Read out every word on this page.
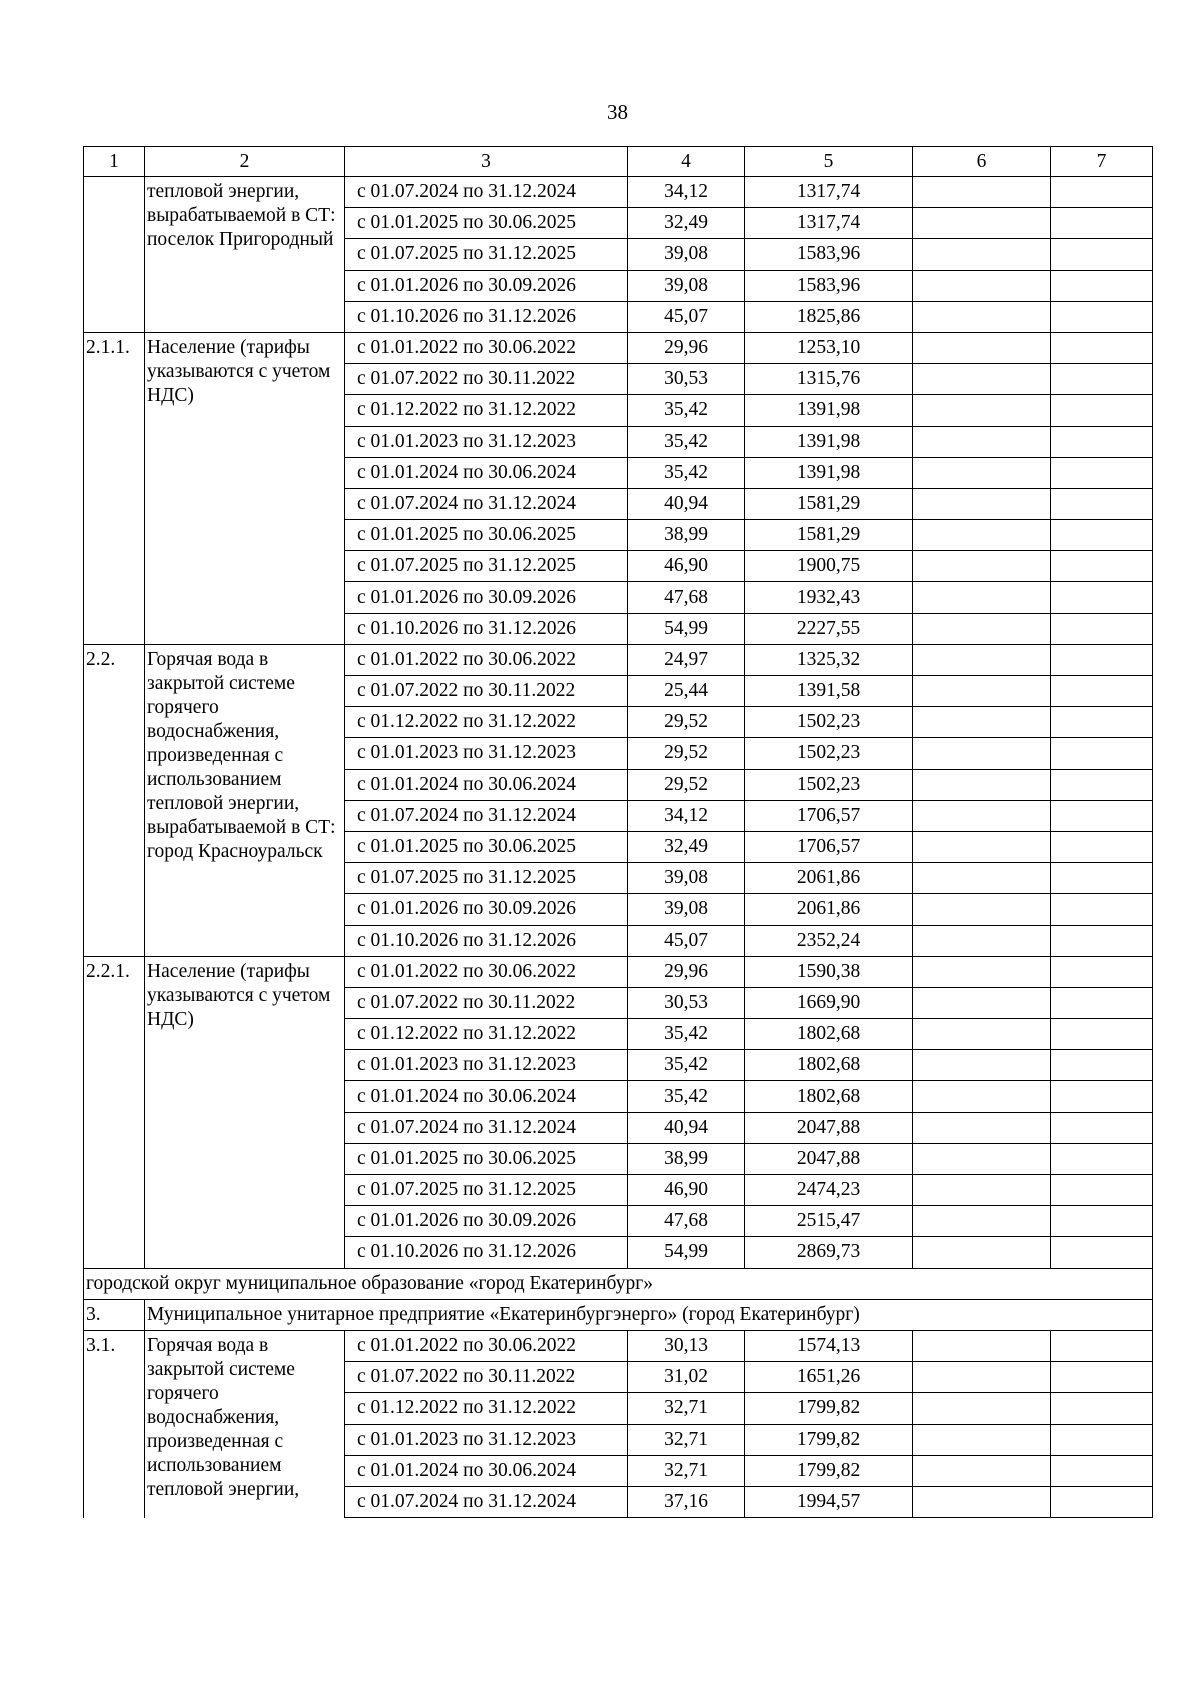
38
1	2	3	4	5	6	7
	тепловой энергии, вырабатываемой в СТ: поселок Пригородный	с 01.07.2024 по 31.12.2024	34,12	1317,74		
		с 01.01.2025 по 30.06.2025	32,49	1317,74		
		с 01.07.2025 по 31.12.2025	39,08	1583,96		
		с 01.01.2026 по 30.09.2026	39,08	1583,96		
		с 01.10.2026 по 31.12.2026	45,07	1825,86		
2.1.1.	Население (тарифы указываются с учетом НДС)	с 01.01.2022 по 30.06.2022	29,96	1253,10		
		с 01.07.2022 по 30.11.2022	30,53	1315,76		
		с 01.12.2022 по 31.12.2022	35,42	1391,98		
		с 01.01.2023 по 31.12.2023	35,42	1391,98		
		с 01.01.2024 по 30.06.2024	35,42	1391,98		
		с 01.07.2024 по 31.12.2024	40,94	1581,29		
		с 01.01.2025 по 30.06.2025	38,99	1581,29		
		с 01.07.2025 по 31.12.2025	46,90	1900,75		
		с 01.01.2026 по 30.09.2026	47,68	1932,43		
		с 01.10.2026 по 31.12.2026	54,99	2227,55		
2.2.	Горячая вода в закрытой системе горячего водоснабжения, произведенная с использованием тепловой энергии, вырабатываемой в СТ: город Красноуральск	с 01.01.2022 по 30.06.2022	24,97	1325,32		
		с 01.07.2022 по 30.11.2022	25,44	1391,58		
		с 01.12.2022 по 31.12.2022	29,52	1502,23		
		с 01.01.2023 по 31.12.2023	29,52	1502,23		
		с 01.01.2024 по 30.06.2024	29,52	1502,23		
		с 01.07.2024 по 31.12.2024	34,12	1706,57		
		с 01.01.2025 по 30.06.2025	32,49	1706,57		
		с 01.07.2025 по 31.12.2025	39,08	2061,86		
		с 01.01.2026 по 30.09.2026	39,08	2061,86		
		с 01.10.2026 по 31.12.2026	45,07	2352,24		
2.2.1.	Население (тарифы указываются с учетом НДС)	с 01.01.2022 по 30.06.2022	29,96	1590,38		
		с 01.07.2022 по 30.11.2022	30,53	1669,90		
		с 01.12.2022 по 31.12.2022	35,42	1802,68		
		с 01.01.2023 по 31.12.2023	35,42	1802,68		
		с 01.01.2024 по 30.06.2024	35,42	1802,68		
		с 01.07.2024 по 31.12.2024	40,94	2047,88		
		с 01.01.2025 по 30.06.2025	38,99	2047,88		
		с 01.07.2025 по 31.12.2025	46,90	2474,23		
		с 01.01.2026 по 30.09.2026	47,68	2515,47		
		с 01.10.2026 по 31.12.2026	54,99	2869,73		
городской округ муниципальное образование «город Екатеринбург»						
3.	Муниципальное унитарное предприятие «Екатеринбургэнерго» (город Екатеринбург)					
3.1.	Горячая вода в закрытой системе горячего водоснабжения, произведенная с использованием тепловой энергии,	с 01.01.2022 по 30.06.2022	30,13	1574,13		
		с 01.07.2022 по 30.11.2022	31,02	1651,26		
		с 01.12.2022 по 31.12.2022	32,71	1799,82		
		с 01.01.2023 по 31.12.2023	32,71	1799,82		
		с 01.01.2024 по 30.06.2024	32,71	1799,82		
		с 01.07.2024 по 31.12.2024	37,16	1994,57		
